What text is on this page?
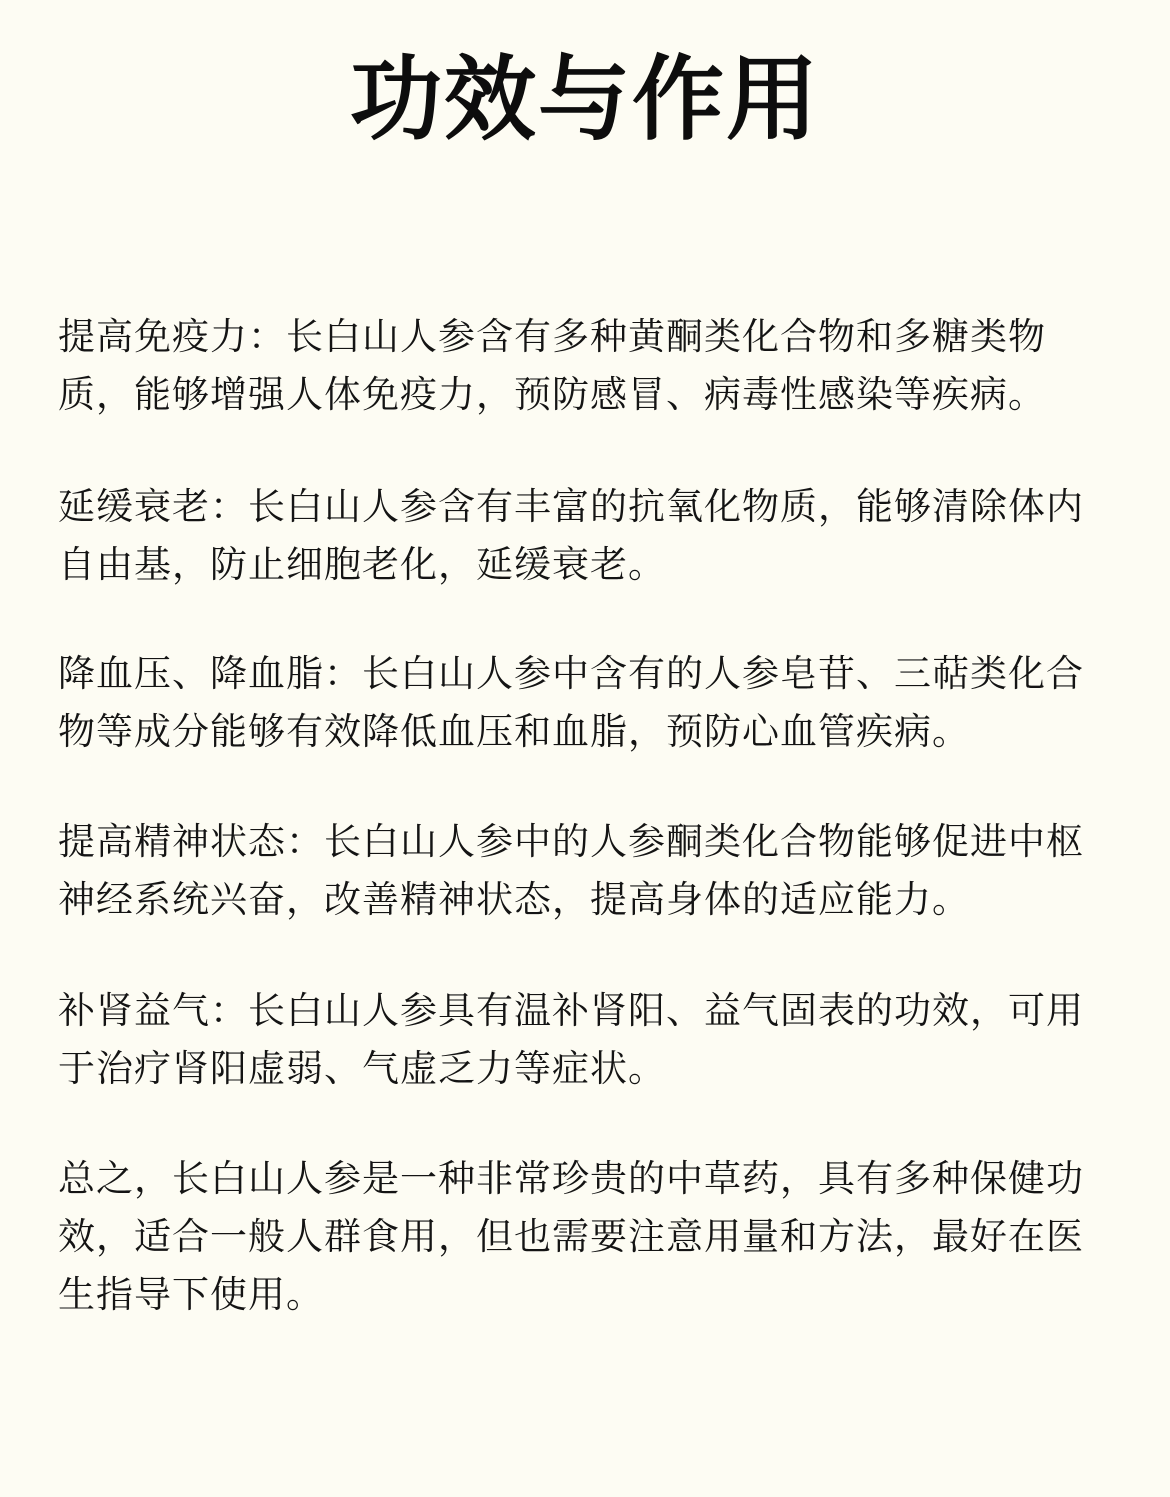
功效与作用
提高免疫力：长白山人参含有多种黄酮类化合物和多糖类物质，能够增强人体免疫力，预防感冒、病毒性感染等疾病。
延缓衰老：长白山人参含有丰富的抗氧化物质，能够清除体内自由基，防止细胞老化，延缓衰老。
降血压、降血脂：长白山人参中含有的人参皂苷、三萜类化合物等成分能够有效降低血压和血脂，预防心血管疾病。
提高精神状态：长白山人参中的人参酮类化合物能够促进中枢神经系统兴奋，改善精神状态，提高身体的适应能力。
补肾益气：长白山人参具有温补肾阳、益气固表的功效，可用于治疗肾阳虚弱、气虚乏力等症状。
总之，长白山人参是一种非常珍贵的中草药，具有多种保健功效，适合一般人群食用，但也需要注意用量和方法，最好在医生指导下使用。
